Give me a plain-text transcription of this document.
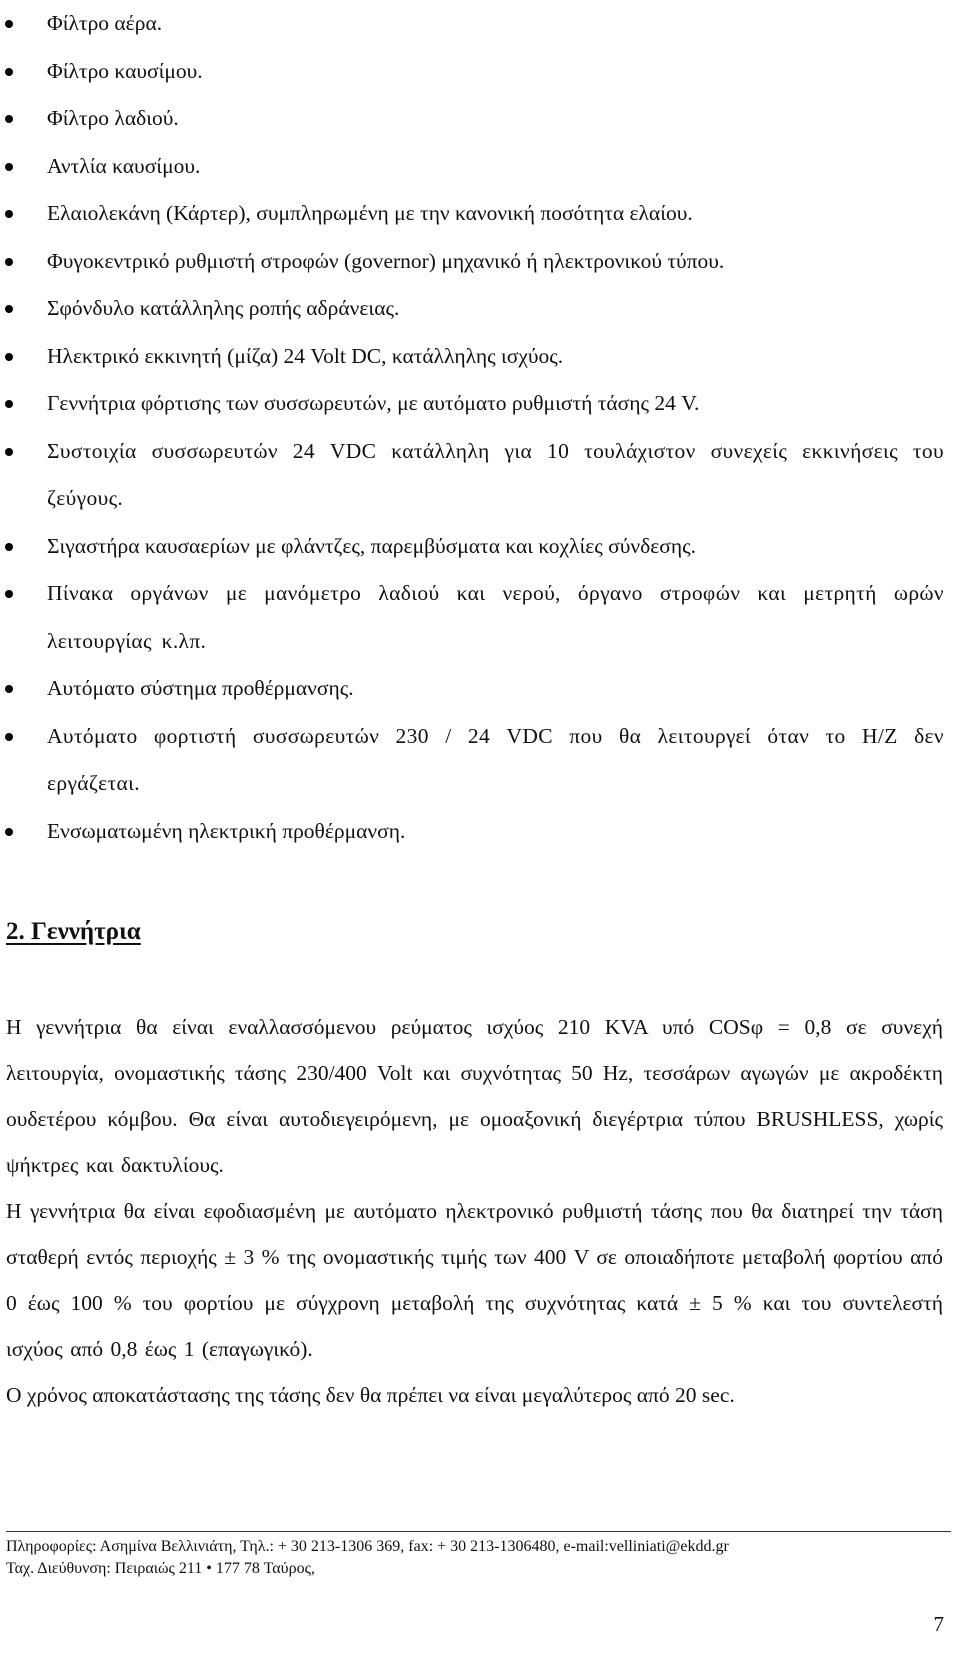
Φίλτρο αέρα.
Φίλτρο καυσίμου.
Φίλτρο λαδιού.
Αντλία καυσίμου.
Ελαιολεκάνη (Κάρτερ), συμπληρωμένη με την κανονική ποσότητα ελαίου.
Φυγοκεντρικό ρυθμιστή στροφών (governor) μηχανικό ή ηλεκτρονικού τύπου.
Σφόνδυλο κατάλληλης ροπής αδράνειας.
Ηλεκτρικό εκκινητή (μίζα) 24 Volt DC, κατάλληλης ισχύος.
Γεννήτρια φόρτισης των συσσωρευτών, με αυτόματο ρυθμιστή τάσης 24 V.
Συστοιχία συσσωρευτών 24 VDC κατάλληλη για 10 τουλάχιστον συνεχείς εκκινήσεις του ζεύγους.
Σιγαστήρα καυσαερίων με φλάντζες, παρεμβύσματα και κοχλίες σύνδεσης.
Πίνακα οργάνων με μανόμετρο λαδιού και νερού, όργανο στροφών και μετρητή ωρών λειτουργίας κ.λπ.
Αυτόματο σύστημα προθέρμανσης.
Αυτόματο φορτιστή συσσωρευτών 230 / 24 VDC που θα λειτουργεί όταν το Η/Ζ δεν εργάζεται.
Ενσωματωμένη ηλεκτρική προθέρμανση.
2. Γεννήτρια

Η γεννήτρια θα είναι εναλλασσόμενου ρεύματος ισχύος 210 KVA υπό COSφ = 0,8 σε συνεχή λειτουργία, ονομαστικής τάσης 230/400 Volt και συχνότητας 50 Hz, τεσσάρων αγωγών με ακροδέκτη ουδετέρου κόμβου. Θα είναι αυτοδιεγειρόμενη, με ομοαξονική διεγέρτρια τύπου BRUSHLESS, χωρίς ψήκτρες και δακτυλίους.

Η γεννήτρια θα είναι εφοδιασμένη με αυτόματο ηλεκτρονικό ρυθμιστή τάσης που θα διατηρεί την τάση σταθερή εντός περιοχής ± 3 % της ονομαστικής τιμής των 400 V σε οποιαδήποτε μεταβολή φορτίου από 0 έως 100 % του φορτίου με σύγχρονη μεταβολή της συχνότητας κατά ± 5 % και του συντελεστή ισχύος από 0,8 έως 1 (επαγωγικό).

Ο χρόνος αποκατάστασης της τάσης δεν θα πρέπει να είναι μεγαλύτερος από 20 sec.

Πληροφορίες: Ασημίνα Βελλινιάτη, Τηλ.: + 30 213-1306 369, fax: + 30 213-1306480, e-mail:velliniati@ekdd.gr
Ταχ. Διεύθυνση: Πειραιώς 211 • 177 78 Ταύρος,
7
